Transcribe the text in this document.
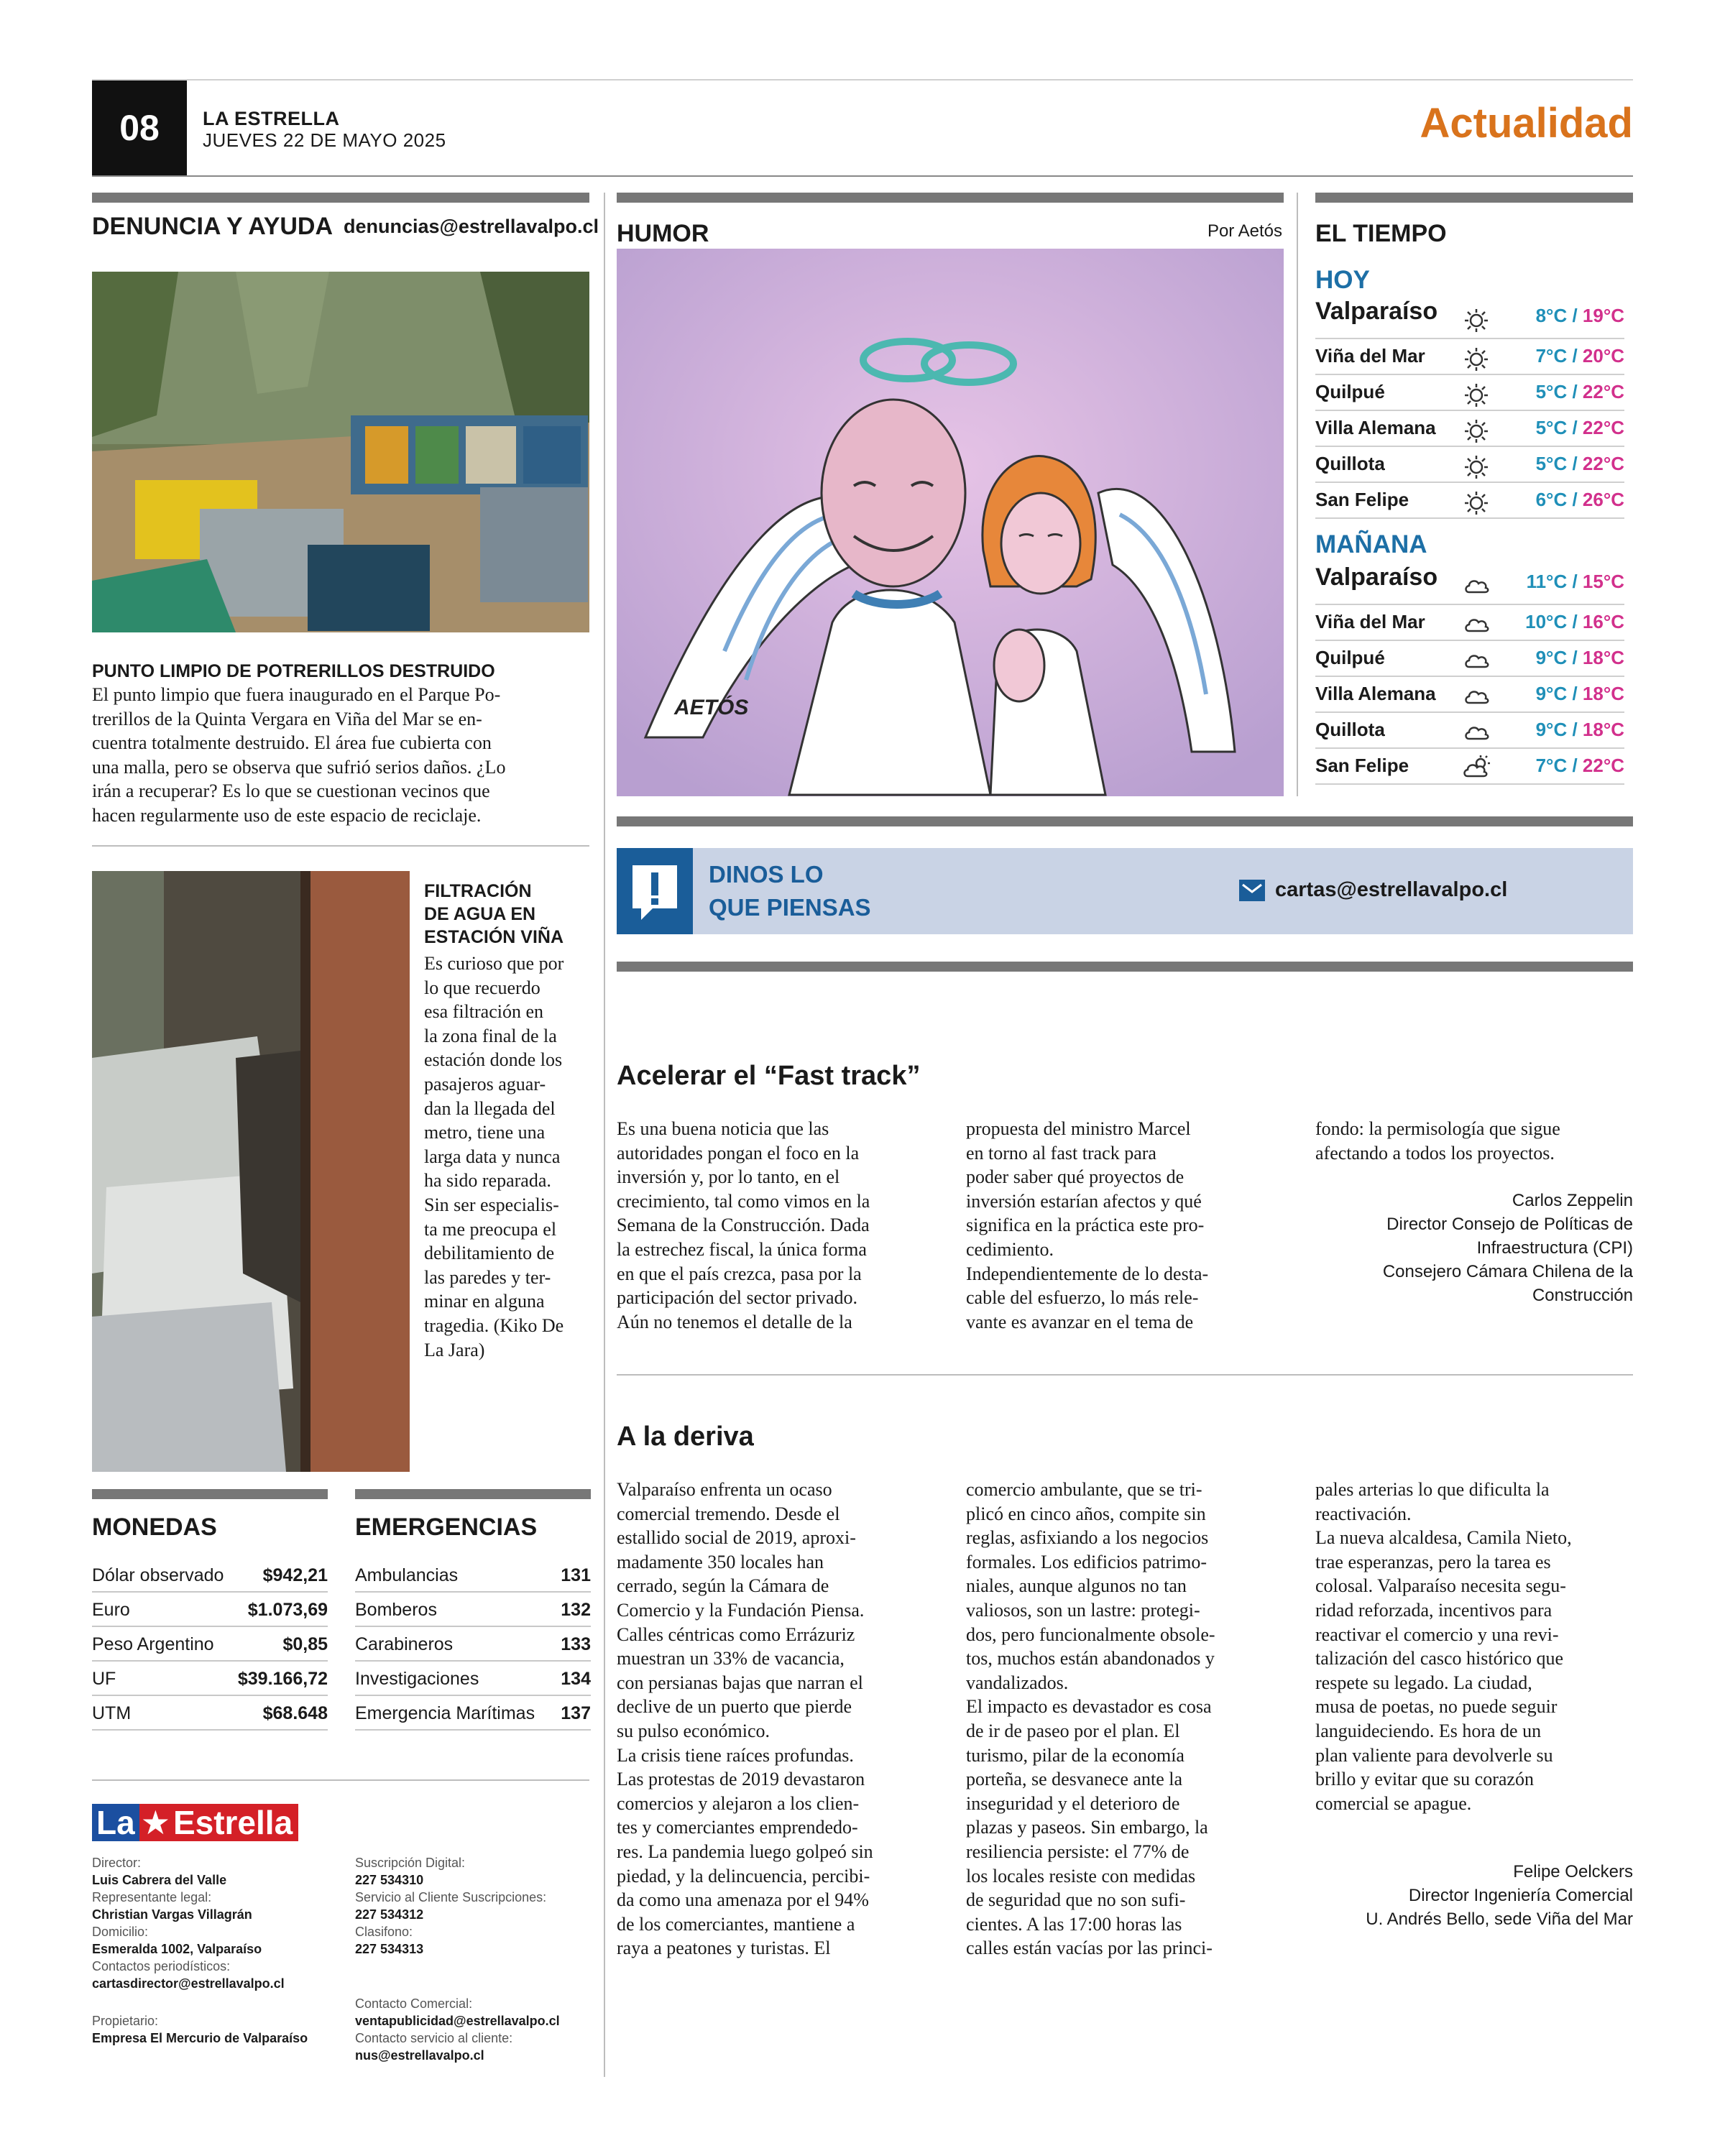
08	LA ESTRELLA
JUEVES 22 DE MAYO 2025	Actualidad
DENUNCIA Y AYUDA denuncias@estrellavalpo.cl
PUNTO LIMPIO DE POTRERILLOS DESTRUIDO
El punto limpio que fuera inaugurado en el Parque Po-
trerillos de la Quinta Vergara en Viña del Mar se en-
cuentra totalmente destruido. El área fue cubierta con
una malla, pero se observa que sufrió serios daños. ¿Lo
irán a recuperar? Es lo que se cuestionan vecinos que
hacen regularmente uso de este espacio de reciclaje.
FILTRACIÓN
DE AGUA EN
ESTACIÓN VIÑA
Es curioso que por
lo que recuerdo
esa filtración en
la zona final de la
estación donde los
pasajeros aguar-
dan la llegada del
metro, tiene una
larga data y nunca
ha sido reparada.
Sin ser especialis-
ta me preocupa el
debilitamiento de
las paredes y ter-
minar en alguna
tragedia. (Kiko De
La Jara)
MONEDAS
Dólar observado $942,21
Euro	$1.073,69
Peso Argentino	$0,85
UF	$39.166,72
UTM	$68.648
EMERGENCIAS
Ambulancias	131
Bomberos	132
Carabineros	133
Investigaciones	134
Emergencia Marítimas 137
La ★ Estrella
Director:
Luis Cabrera del Valle
Representante legal:
Christian Vargas Villagrán
Domicilio:
Esmeralda 1002, Valparaíso
Contactos periodísticos:
cartasdirector@estrellavalpo.cl
Propietario:
Empresa El Mercurio de Valparaíso
Suscripción Digital:
227 534310
Servicio al Cliente Suscripciones:
227 534312
Clasifono:
227 534313
Contacto Comercial:
ventapublicidad@estrellavalpo.cl
Contacto servicio al cliente:
nus@estrellavalpo.cl
HUMOR	Por Aetós
AETÓS
EL TIEMPO
HOY
Valparaíso	8°C / 19°C
Viña del Mar	7°C / 20°C
Quilpué	5°C / 22°C
Villa Alemana	5°C / 22°C
Quillota	5°C / 22°C
San Felipe	6°C / 26°C
MAÑANA
Valparaíso	11°C / 15°C
Viña del Mar	10°C / 16°C
Quilpué	9°C / 18°C
Villa Alemana	9°C / 18°C
Quillota	9°C / 18°C
San Felipe	7°C / 22°C
DINOS LO
QUE PIENSAS
cartas@estrellavalpo.cl
Acelerar el “Fast track”
Es una buena noticia que las
autoridades pongan el foco en la
inversión y, por lo tanto, en el
crecimiento, tal como vimos en la
Semana de la Construcción. Dada
la estrechez fiscal, la única forma
en que el país crezca, pasa por la
participación del sector privado.
Aún no tenemos el detalle de la
propuesta del ministro Marcel
en torno al fast track para
poder saber qué proyectos de
inversión estarían afectos y qué
significa en la práctica este pro-
cedimiento.
Independientemente de lo desta-
cable del esfuerzo, lo más rele-
vante es avanzar en el tema de
fondo: la permisología que sigue
afectando a todos los proyectos.
Carlos Zeppelin
Director Consejo de Políticas de
Infraestructura (CPI)
Consejero Cámara Chilena de la
Construcción
A la deriva
Valparaíso enfrenta un ocaso
comercial tremendo. Desde el
estallido social de 2019, aproxi-
madamente 350 locales han
cerrado, según la Cámara de
Comercio y la Fundación Piensa.
Calles céntricas como Errázuriz
muestran un 33% de vacancia,
con persianas bajas que narran el
declive de un puerto que pierde
su pulso económico.
La crisis tiene raíces profundas.
Las protestas de 2019 devastaron
comercios y alejaron a los clien-
tes y comerciantes emprendedo-
res. La pandemia luego golpeó sin
piedad, y la delincuencia, percibi-
da como una amenaza por el 94%
de los comerciantes, mantiene a
raya a peatones y turistas. El
comercio ambulante, que se tri-
plicó en cinco años, compite sin
reglas, asfixiando a los negocios
formales. Los edificios patrimo-
niales, aunque algunos no tan
valiosos, son un lastre: protegi-
dos, pero funcionalmente obsole-
tos, muchos están abandonados y
vandalizados.
El impacto es devastador es cosa
de ir de paseo por el plan. El
turismo, pilar de la economía
porteña, se desvanece ante la
inseguridad y el deterioro de
plazas y paseos. Sin embargo, la
resiliencia persiste: el 77% de
los locales resiste con medidas
de seguridad que no son sufi-
cientes. A las 17:00 horas las
calles están vacías por las princi-
pales arterias lo que dificulta la
reactivación.
La nueva alcaldesa, Camila Nieto,
trae esperanzas, pero la tarea es
colosal. Valparaíso necesita segu-
ridad reforzada, incentivos para
reactivar el comercio y una revi-
talización del casco histórico que
respete su legado. La ciudad,
musa de poetas, no puede seguir
languideciendo. Es hora de un
plan valiente para devolverle su
brillo y evitar que su corazón
comercial se apague.
Felipe Oelckers
Director Ingeniería Comercial
U. Andrés Bello, sede Viña del Mar
